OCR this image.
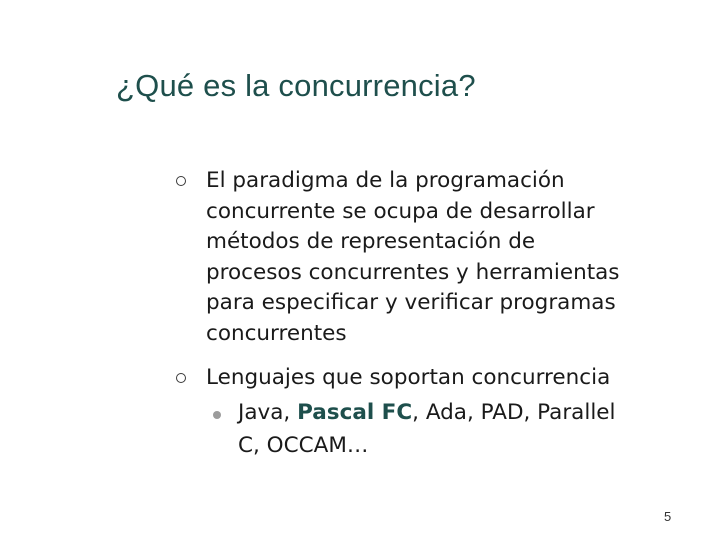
¿Qué es la concurrencia?
El paradigma de la programación
concurrente se ocupa de desarrollar
métodos de representación de
procesos concurrentes y herramientas
para especificar y verificar programas
concurrentes
Lenguajes que soportan concurrencia
Java, Pascal FC, Ada, PAD, Parallel
C, OCCAM…
5
